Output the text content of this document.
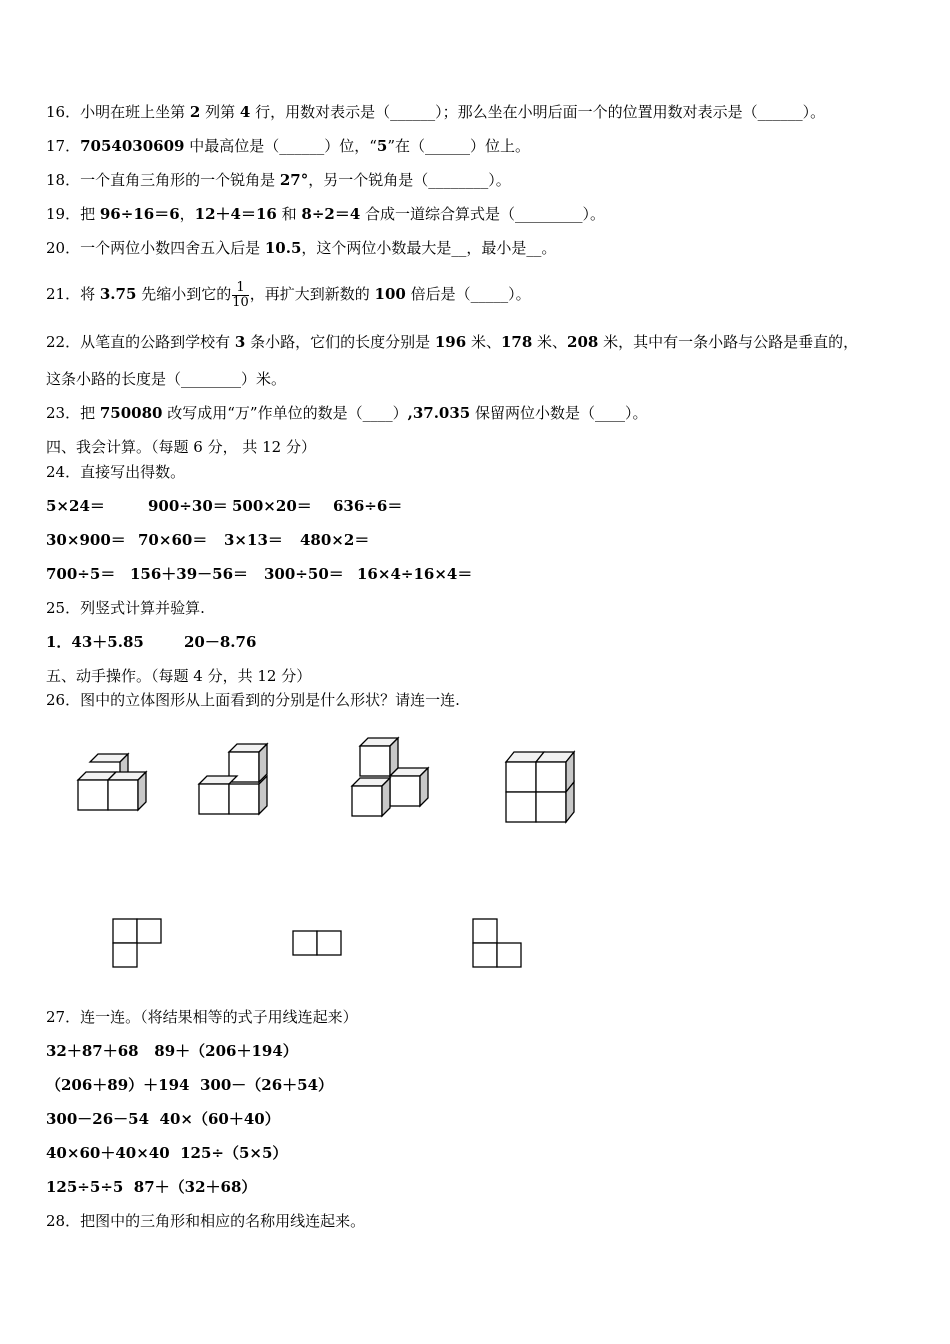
16．小明在班上坐第 2 列第 4 行，用数对表示是（______）；那么坐在小明后面一个的位置用数对表示是（______）。
17．7054030609 中最高位是（______）位，“5”在（______）位上。
18．一个直角三角形的一个锐角是 27°，另一个锐角是（________）。
19．把 96÷16＝6，12＋4＝16 和 8÷2＝4 合成一道综合算式是（_________）。
20．一个两位小数四舍五入后是 10.5，这个两位小数最大是__，最小是__。
21．将 3.75 先缩小到它的 $\frac{1}{10}$ ，再扩大到新数的 100 倍后是（_____）。
22．从笔直的公路到学校有 3 条小路，它们的长度分别是 196 米、178 米、208 米，其中有一条小路与公路是垂直的，
这条小路的长度是（________）米。
23．把 750080 改写成用“万”作单位的数是（____）,37.035 保留两位小数是（____）。
四、我会计算。（每题 6 分， 共 12 分）
24．直接写出得数。
5×24＝	900÷30＝ 500×20＝ 636÷6＝
30×900＝ 70×60＝ 3×13＝ 480×2＝
700÷5＝ 156＋39－56＝ 300÷50＝ 16×4÷16×4＝
25．列竖式计算并验算.
1．43＋5.85	20－8.76
五、动手操作。（每题 4 分，共 12 分）
26．图中的立体图形从上面看到的分别是什么形状？请连一连.
27．连一连。（将结果相等的式子用线连起来）
32＋87＋68 89＋（206＋194）
（206＋89）＋194 300－（26＋54）
300－26－54 40×（60＋40）
40×60＋40×40 125÷（5×5）
125÷5÷5 87＋（32＋68）
28．把图中的三角形和相应的名称用线连起来。
